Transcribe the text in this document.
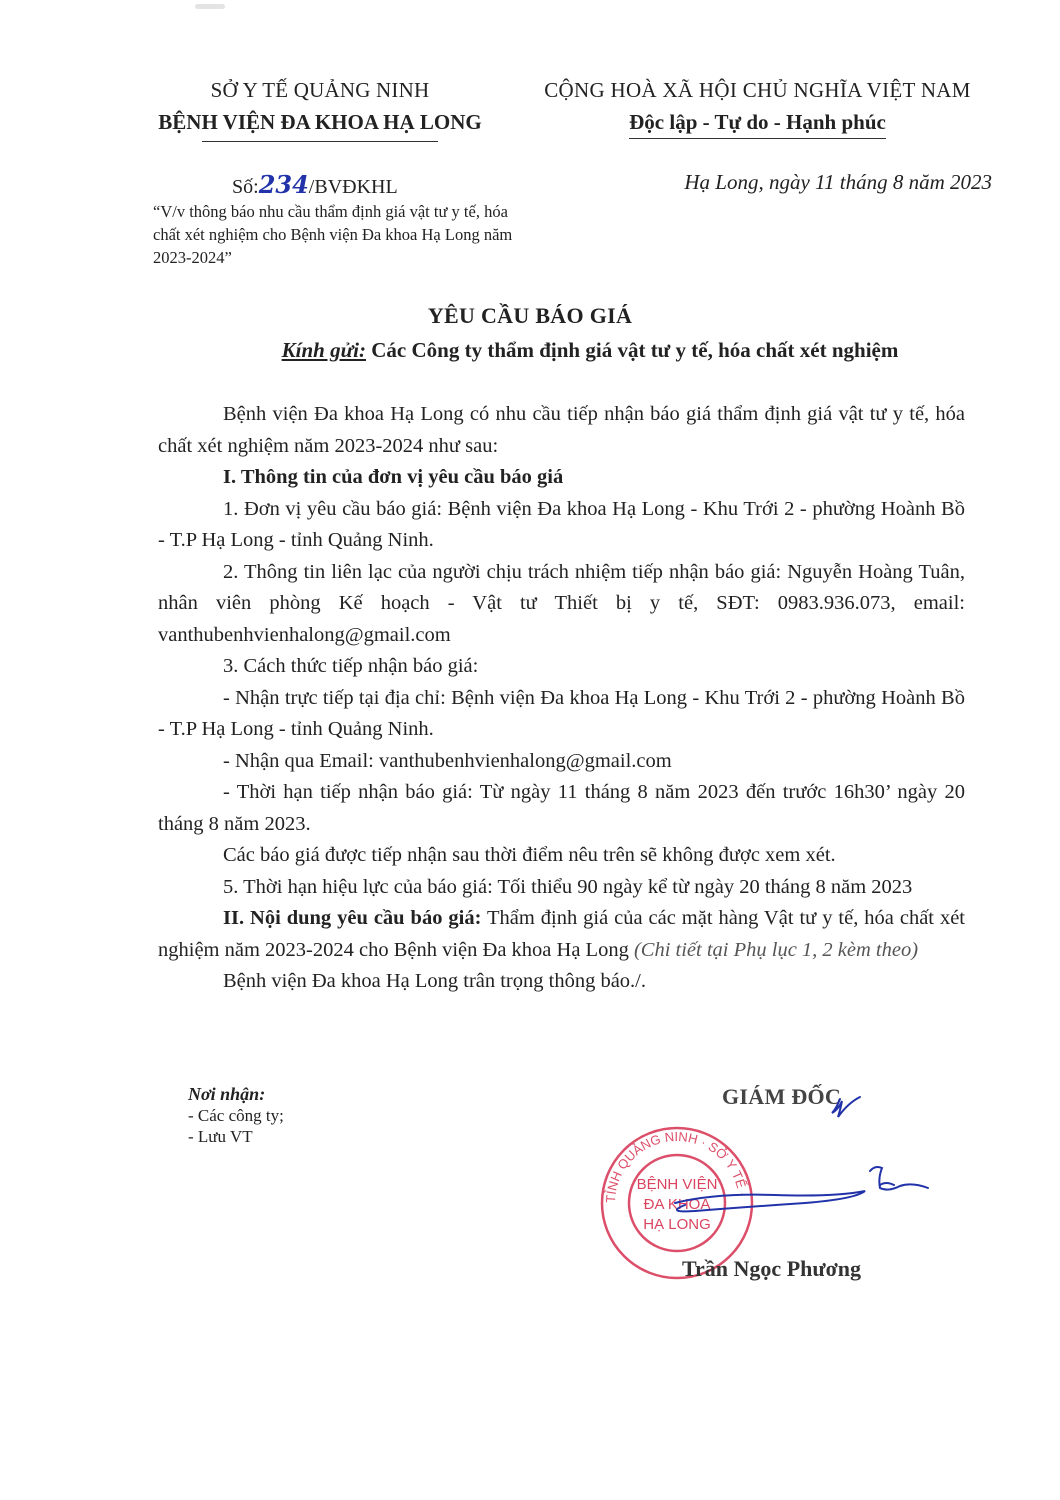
SỞ Y TẾ QUẢNG NINH
BỆNH VIỆN ĐA KHOA HẠ LONG
CỘNG HOÀ XÃ HỘI CHỦ NGHĨA VIỆT NAM
Độc lập - Tự do - Hạnh phúc
Số:234/BVĐKHL	Hạ Long, ngày 11 tháng 8 năm 2023
“V/v thông báo nhu cầu thẩm định giá vật tư y tế, hóa chất xét nghiệm cho Bệnh viện Đa khoa Hạ Long năm 2023-2024”
YÊU CẦU BÁO GIÁ
Kính gửi: Các Công ty thẩm định giá vật tư y tế, hóa chất xét nghiệm

Bệnh viện Đa khoa Hạ Long có nhu cầu tiếp nhận báo giá thẩm định giá vật tư y tế, hóa chất xét nghiệm năm 2023-2024 như sau:

I. Thông tin của đơn vị yêu cầu báo giá

1. Đơn vị yêu cầu báo giá: Bệnh viện Đa khoa Hạ Long - Khu Trới 2 - phường Hoành Bồ - T.P Hạ Long - tỉnh Quảng Ninh.

2. Thông tin liên lạc của người chịu trách nhiệm tiếp nhận báo giá: Nguyễn Hoàng Tuân, nhân viên phòng Kế hoạch - Vật tư Thiết bị y tế, SĐT: 0983.936.073, email: vanthubenhvienhalong@gmail.com

3. Cách thức tiếp nhận báo giá:

- Nhận trực tiếp tại địa chỉ: Bệnh viện Đa khoa Hạ Long - Khu Trới 2 - phường Hoành Bồ - T.P Hạ Long - tỉnh Quảng Ninh.

- Nhận qua Email: vanthubenhvienhalong@gmail.com

- Thời hạn tiếp nhận báo giá: Từ ngày 11 tháng 8 năm 2023 đến trước 16h30’ ngày 20 tháng 8 năm 2023.

Các báo giá được tiếp nhận sau thời điểm nêu trên sẽ không được xem xét.

5. Thời hạn hiệu lực của báo giá: Tối thiểu 90 ngày kể từ ngày 20 tháng 8 năm 2023

II. Nội dung yêu cầu báo giá: Thẩm định giá của các mặt hàng Vật tư y tế, hóa chất xét nghiệm năm 2023-2024 cho Bệnh viện Đa khoa Hạ Long (Chi tiết tại Phụ lục 1, 2 kèm theo)

Bệnh viện Đa khoa Hạ Long trân trọng thông báo./.

Nơi nhận:
- Các công ty;
- Lưu VT
GIÁM ĐỐC
TỈNH QUẢNG NINH · SỞ Y TẾ ·
BỆNH VIỆN
ĐA KHOA
HẠ LONG
Trần Ngọc Phương
